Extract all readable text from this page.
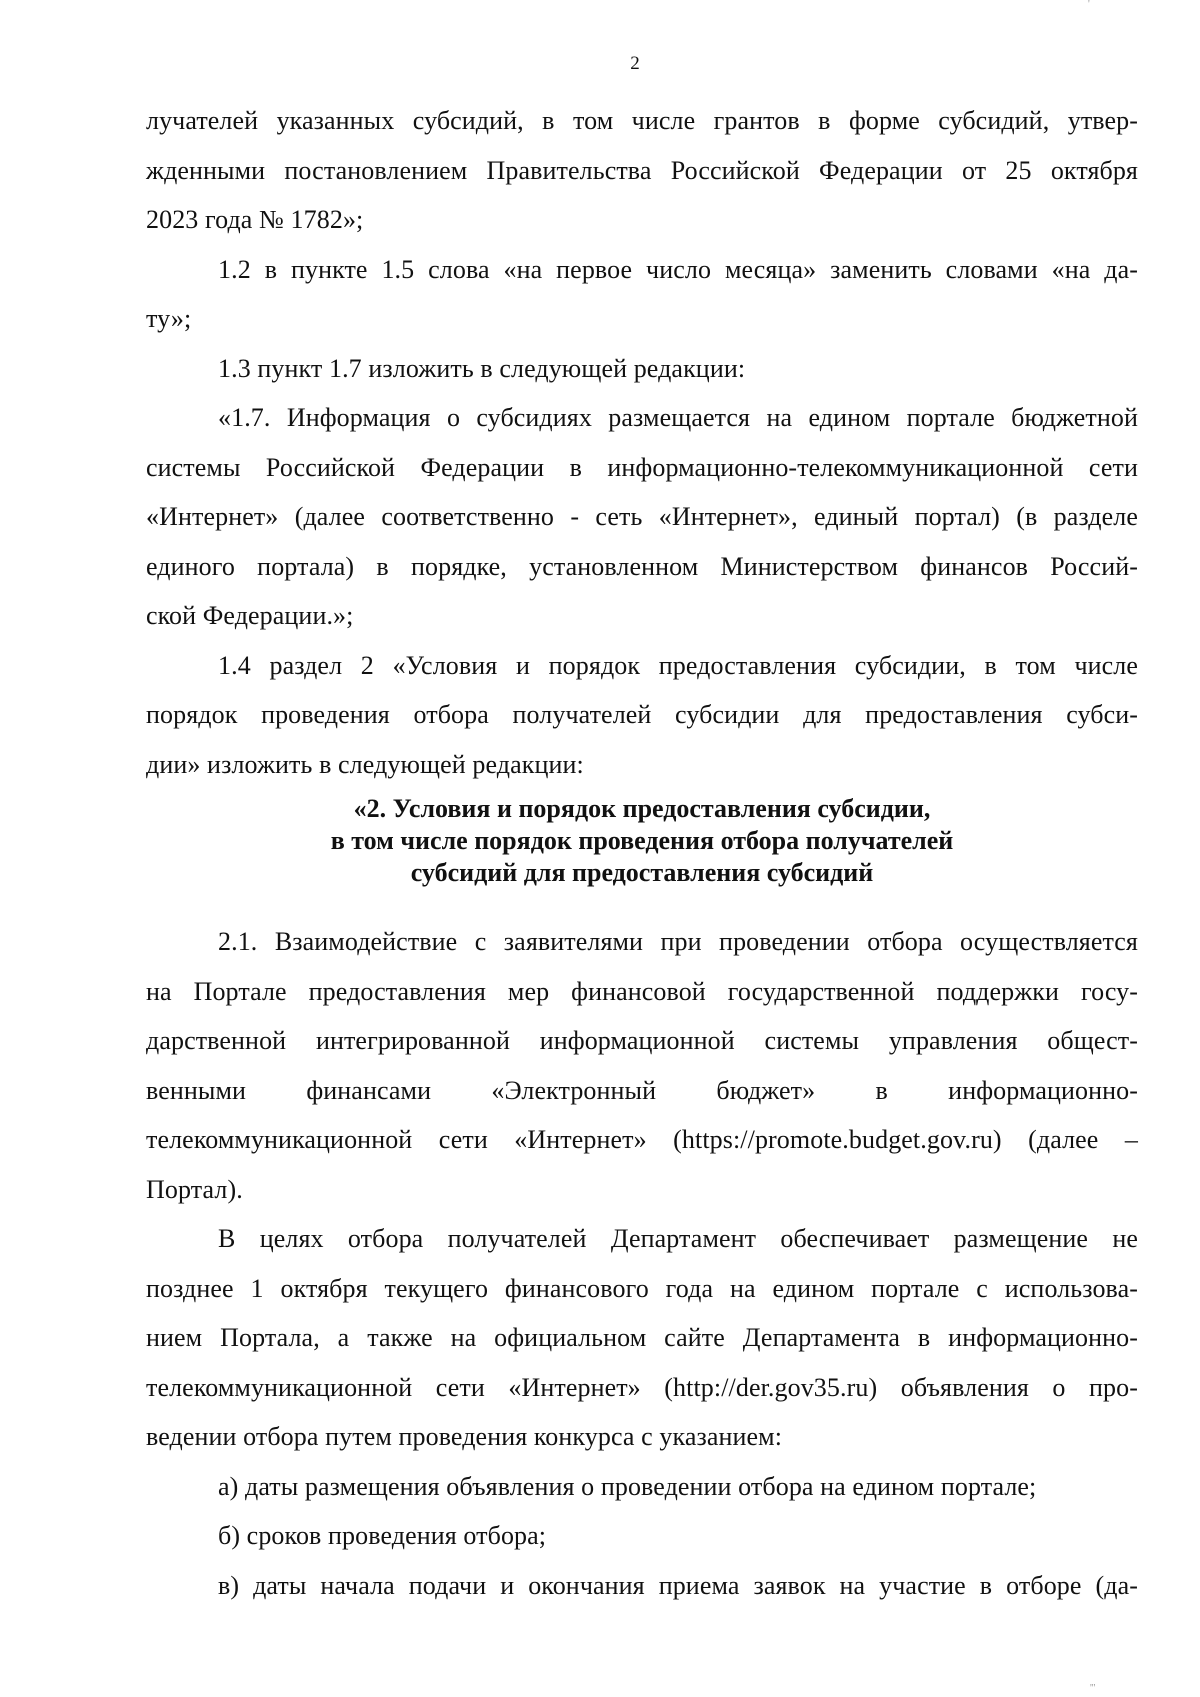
2
лучателей указанных субсидий, в том числе грантов в форме субсидий, утвер-
жденными постановлением Правительства Российской Федерации от 25 октября
2023 года № 1782»;
1.2 в пункте 1.5 слова «на первое число месяца» заменить словами «на да-
ту»;
1.3 пункт 1.7 изложить в следующей редакции:
«1.7. Информация о субсидиях размещается на едином портале бюджетной
системы Российской Федерации в информационно-телекоммуникационной сети
«Интернет» (далее соответственно - сеть «Интернет», единый портал) (в разделе
единого портала) в порядке, установленном Министерством финансов Россий-
ской Федерации.»;
1.4 раздел 2 «Условия и порядок предоставления субсидии, в том числе
порядок проведения отбора получателей субсидии для предоставления субси-
дии» изложить в следующей редакции:
«2. Условия и порядок предоставления субсидии,
в том числе порядок проведения отбора получателей
субсидий для предоставления субсидий
2.1. Взаимодействие с заявителями при проведении отбора осуществляется
на Портале предоставления мер финансовой государственной поддержки госу-
дарственной интегрированной информационной системы управления общест-
венными финансами «Электронный бюджет» в информационно-
телекоммуникационной сети «Интернет» (https://promote.budget.gov.ru) (далее –
Портал).
В целях отбора получателей Департамент обеспечивает размещение не
позднее 1 октября текущего финансового года на едином портале с использова-
нием Портала, а также на официальном сайте Департамента в информационно-
телекоммуникационной сети «Интернет» (http://der.gov35.ru) объявления о про-
ведении отбора путем проведения конкурса с указанием:
а) даты размещения объявления о проведении отбора на едином портале;
б) сроков проведения отбора;
в) даты начала подачи и окончания приема заявок на участие в отборе (да-
'
'''
